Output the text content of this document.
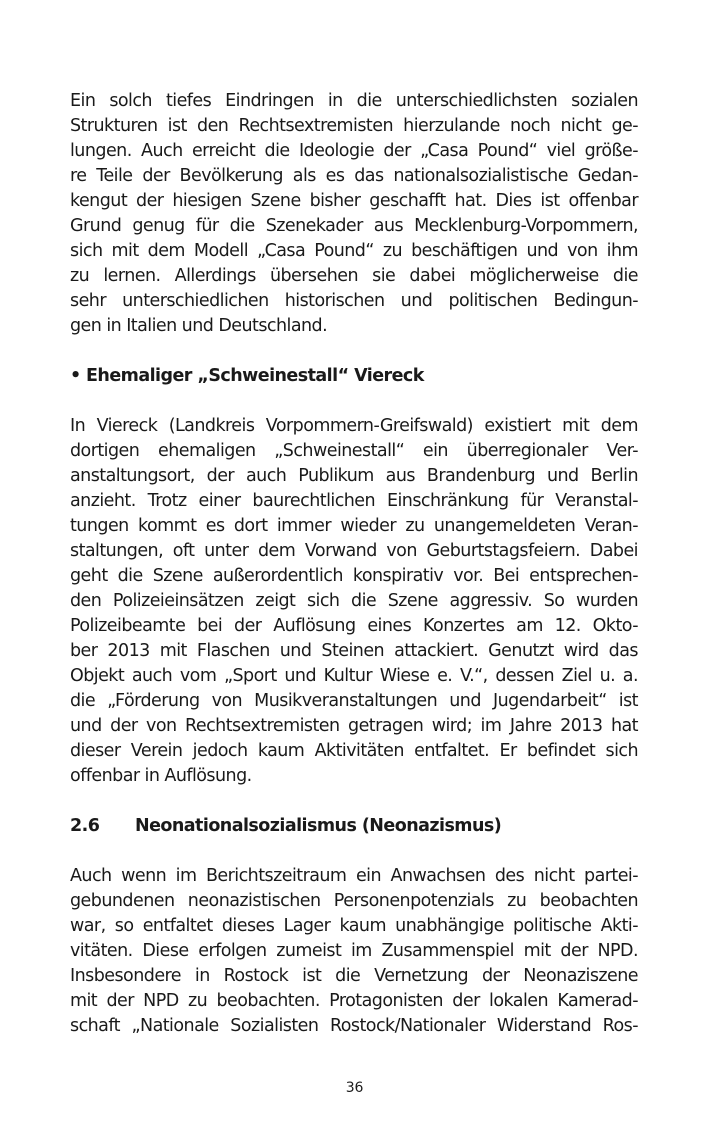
Ein solch tiefes Eindringen in die unterschiedlichsten sozialen
Strukturen ist den Rechtsextremisten hierzulande noch nicht ge-
lungen. Auch erreicht die Ideologie der „Casa Pound“ viel größe-
re Teile der Bevölkerung als es das nationalsozialistische Gedan-
kengut der hiesigen Szene bisher geschafft hat. Dies ist offenbar
Grund genug für die Szenekader aus Mecklenburg-Vorpommern,
sich mit dem Modell „Casa Pound“ zu beschäftigen und von ihm
zu lernen. Allerdings übersehen sie dabei möglicherweise die
sehr unterschiedlichen historischen und politischen Bedingun-
gen in Italien und Deutschland.
• Ehemaliger „Schweinestall“ Viereck
In Viereck (Landkreis Vorpommern-Greifswald) existiert mit dem
dortigen ehemaligen „Schweinestall“ ein überregionaler Ver-
anstaltungsort, der auch Publikum aus Brandenburg und Berlin
anzieht. Trotz einer baurechtlichen Einschränkung für Veranstal-
tungen kommt es dort immer wieder zu unangemeldeten Veran-
staltungen, oft unter dem Vorwand von Geburtstagsfeiern. Dabei
geht die Szene außerordentlich konspirativ vor. Bei entsprechen-
den Polizeieinsätzen zeigt sich die Szene aggressiv. So wurden
Polizeibeamte bei der Auflösung eines Konzertes am 12. Okto-
ber 2013 mit Flaschen und Steinen attackiert. Genutzt wird das
Objekt auch vom „Sport und Kultur Wiese e. V.“, dessen Ziel u. a.
die „Förderung von Musikveranstaltungen und Jugendarbeit“ ist
und der von Rechtsextremisten getragen wird; im Jahre 2013 hat
dieser Verein jedoch kaum Aktivitäten entfaltet. Er befindet sich
offenbar in Auflösung.
2.6 Neonationalsozialismus (Neonazismus)
Auch wenn im Berichtszeitraum ein Anwachsen des nicht partei-
gebundenen neonazistischen Personenpotenzials zu beobachten
war, so entfaltet dieses Lager kaum unabhängige politische Akti-
vitäten. Diese erfolgen zumeist im Zusammenspiel mit der NPD.
Insbesondere in Rostock ist die Vernetzung der Neonaziszene
mit der NPD zu beobachten. Protagonisten der lokalen Kamerad-
schaft „Nationale Sozialisten Rostock/Nationaler Widerstand Ros-
36
